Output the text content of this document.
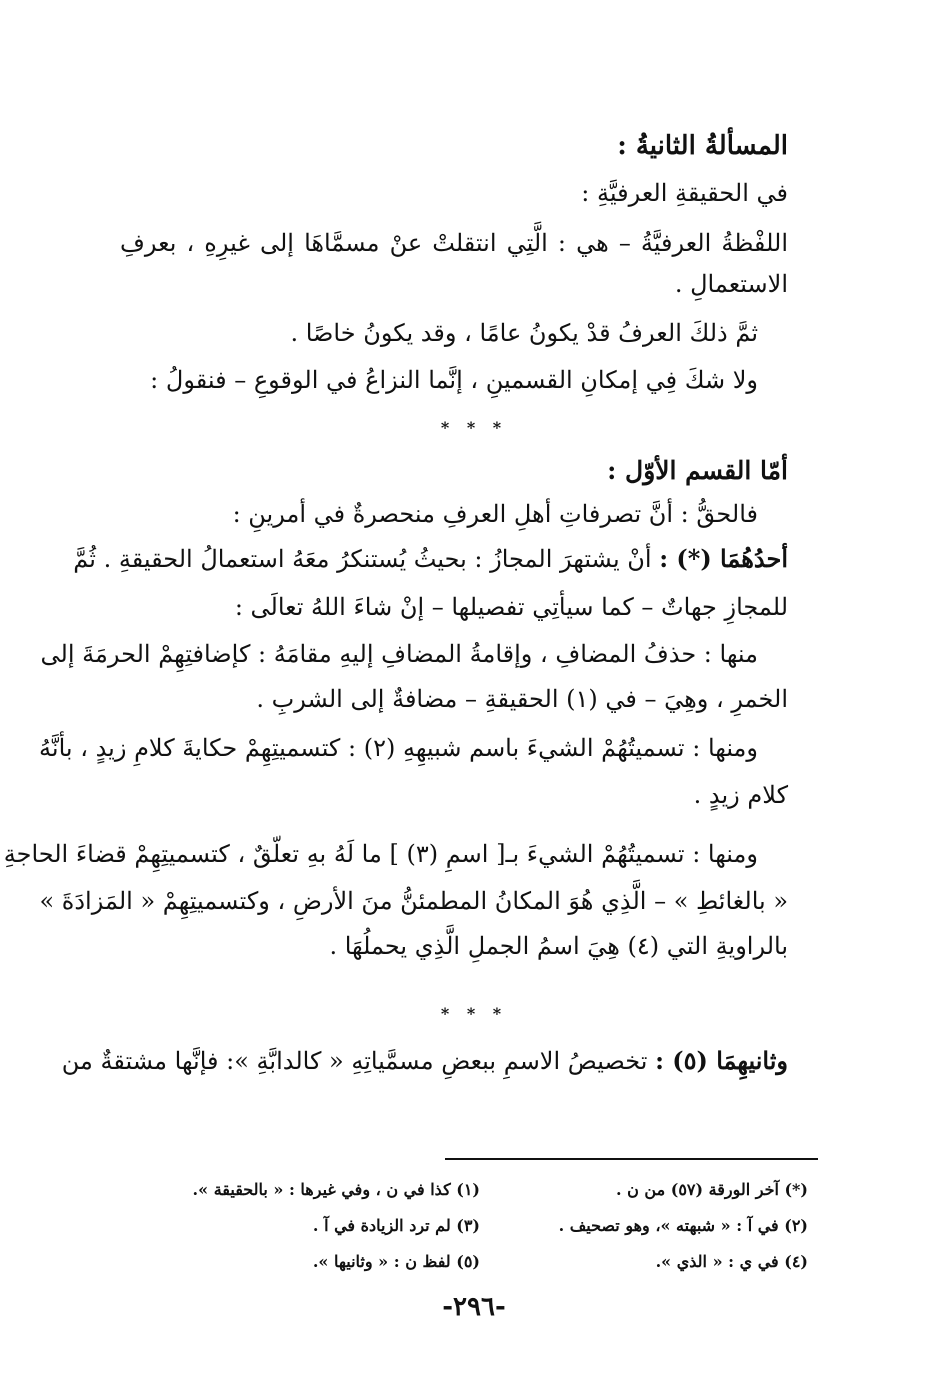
المسألةُ الثانيةُ :
في الحقيقةِ العرفيَّةِ :
اللفْظةُ العرفيَّةُ – هي : الَّتِي انتقلتْ عنْ مسمَّاهَا إلى غيرِهِ ، بعرفِ
الاستعمالِ .
ثمَّ ذلكَ العرفُ قدْ يكونُ عامًا ، وقد يكونُ خاصًا .
ولا شكَ فِي إمكانِ القسمينِ ، إنَّما النزاعُ في الوقوعِ – فنقولُ :
* * *
أمّا القسم الأوّل :
فالحقُّ : أنَّ تصرفاتِ أهلِ العرفِ منحصرةٌ في أمرينِ :
أحدُهُمَا (*) : أنْ يشتهرَ المجازُ : بحيثُ يُستنكرُ معَهُ استعمالُ الحقيقةِ . ثُمَّ
للمجازِ جهاتٌ – كما سيأتِي تفصيلها – إنْ شاءَ اللهُ تعالَى :
منها : حذفُ المضافِ ، وإقامةُ المضافِ إليهِ مقامَهُ : كإضافتِهِمْ الحرمَةَ إلى
الخمرِ ، وهِيَ – في (١) الحقيقةِ – مضافةٌ إلى الشربِ .
ومنها : تسميتُهُمْ الشيءَ باسم شبيهِهِ (٢) : كتسميتِهِمْ حكايةَ كلامِ زيدٍ ، بأنَّهُ
كلام زيدٍ .
ومنها : تسميتُهُمْ الشيءَ بـ[ اسمِ (٣) ] ما لَهُ بهِ تعلّقٌ ، كتسميتِهِمْ قضاءَ الحاجةِ
« بالغائطِ » – الَّذِي هُوَ المكانُ المطمئنُّ منَ الأرضِ ، وكتسميتِهِمْ « المَزادَةَ »
بالراويةِ التي (٤) هِيَ اسمُ الجملِ الَّذِي يحملُهَا .
* * *
وثانيهِمَا (٥) : تخصيصُ الاسمِ ببعضِ مسمَّياتِهِ « كالدابَّةِ »: فإنَّها مشتقةٌ من
(*) آخر الورقة (٥٧) من ن .
(١) كذا في ن ، وفي غيرها : « بالحقيقة ».
(٢) في آ : « شبهته »، وهو تصحيف .
(٣) لم ترد الزيادة في آ .
(٤) في ي : « الذي ».
(٥) لفظ ن : « وثانيها ».
-٢٩٦-
